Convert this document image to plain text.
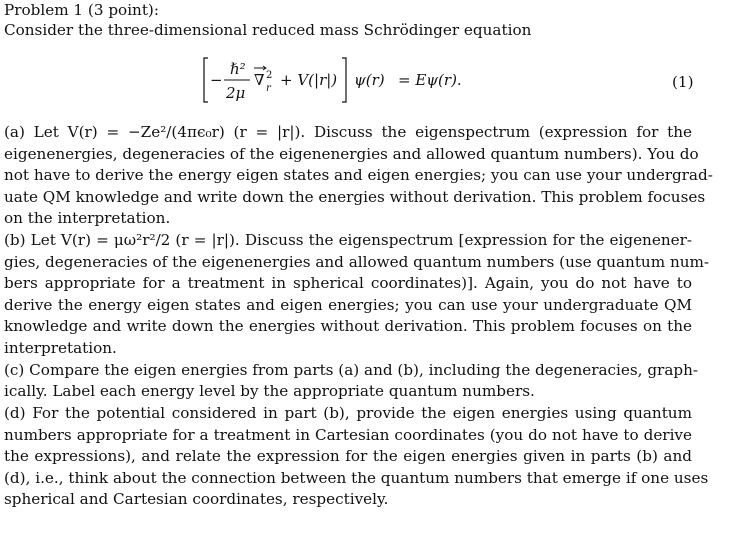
Problem 1 (3 point):
Consider the three-dimensional reduced mass Schrödinger equation
−
ℏ²
2μ
∇ 2
r + V(|r|) ψ(r) = Eψ(r).	(1)
(a) Let V(r) = −Ze²/(4πϵ₀r) (r = |r|). Discuss the eigenspectrum (expression for the
eigenenergies, degeneracies of the eigenenergies and allowed quantum numbers). You do
not have to derive the energy eigen states and eigen energies; you can use your undergrad-
uate QM knowledge and write down the energies without derivation. This problem focuses
on the interpretation.
(b) Let V(r) = μω²r²/2 (r = |r|). Discuss the eigenspectrum [expression for the eigenener-
gies, degeneracies of the eigenenergies and allowed quantum numbers (use quantum num-
bers appropriate for a treatment in spherical coordinates)]. Again, you do not have to
derive the energy eigen states and eigen energies; you can use your undergraduate QM
knowledge and write down the energies without derivation. This problem focuses on the
interpretation.
(c) Compare the eigen energies from parts (a) and (b), including the degeneracies, graph-
ically. Label each energy level by the appropriate quantum numbers.
(d) For the potential considered in part (b), provide the eigen energies using quantum
numbers appropriate for a treatment in Cartesian coordinates (you do not have to derive
the expressions), and relate the expression for the eigen energies given in parts (b) and
(d), i.e., think about the connection between the quantum numbers that emerge if one uses
spherical and Cartesian coordinates, respectively.
